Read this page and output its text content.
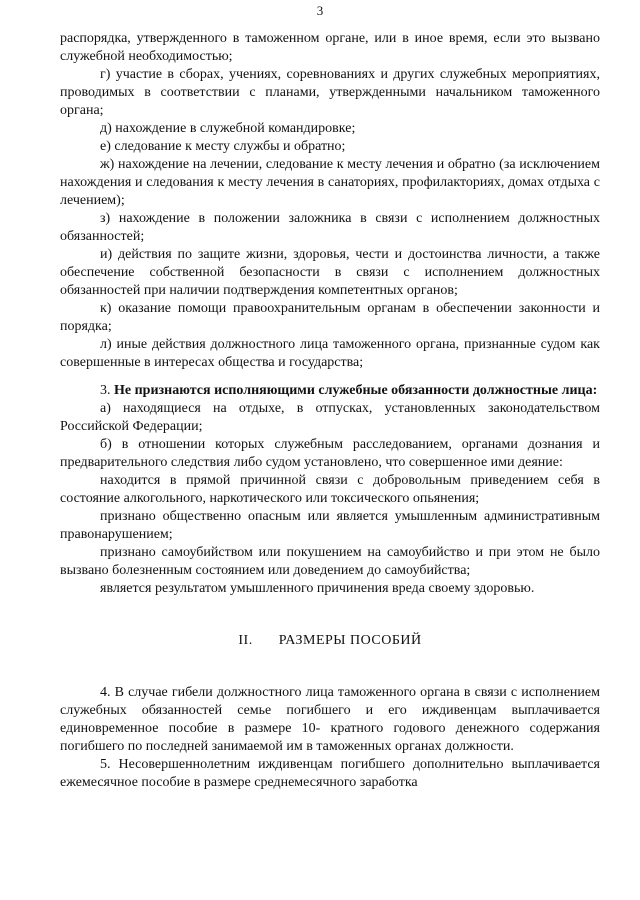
3
распорядка, утвержденного в таможенном органе, или в иное время, если это вызвано служебной необходимостью;
г) участие в сборах, учениях, соревнованиях и других служебных мероприятиях, проводимых в соответствии с планами, утвержденными начальником таможенного органа;
д) нахождение в служебной командировке;
е) следование к месту службы и обратно;
ж) нахождение на лечении, следование к месту лечения и обратно (за исключением нахождения и следования к месту лечения в санаториях, профилакториях, домах отдыха с лечением);
з) нахождение в положении заложника в связи с исполнением должностных обязанностей;
и) действия по защите жизни, здоровья, чести и достоинства личности, а также обеспечение собственной безопасности в связи с исполнением должностных обязанностей при наличии подтверждения компетентных органов;
к) оказание помощи правоохранительным органам в обеспечении законности и порядка;
л) иные действия должностного лица таможенного органа, признанные судом как совершенные в интересах общества и государства;
3. Не признаются исполняющими служебные обязанности должностные лица:
а) находящиеся на отдыхе, в отпусках, установленных законодательством Российской Федерации;
б) в отношении которых служебным расследованием, органами дознания и предварительного следствия либо судом установлено, что совершенное ими деяние:
находится в прямой причинной связи с добровольным приведением себя в состояние алкогольного, наркотического или токсического опьянения;
признано общественно опасным или является умышленным административным правонарушением;
признано самоубийством или покушением на самоубийство и при этом не было вызвано болезненным состоянием или доведением до самоубийства;
является результатом умышленного причинения вреда своему здоровью.
II. РАЗМЕРЫ ПОСОБИЙ
4. В случае гибели должностного лица таможенного органа в связи с исполнением служебных обязанностей семье погибшего и его иждивенцам выплачивается единовременное пособие в размере 10- кратного годового денежного содержания погибшего по последней занимаемой им в таможенных органах должности.
5. Несовершеннолетним иждивенцам погибшего дополнительно выплачивается ежемесячное пособие в размере среднемесячного заработка
